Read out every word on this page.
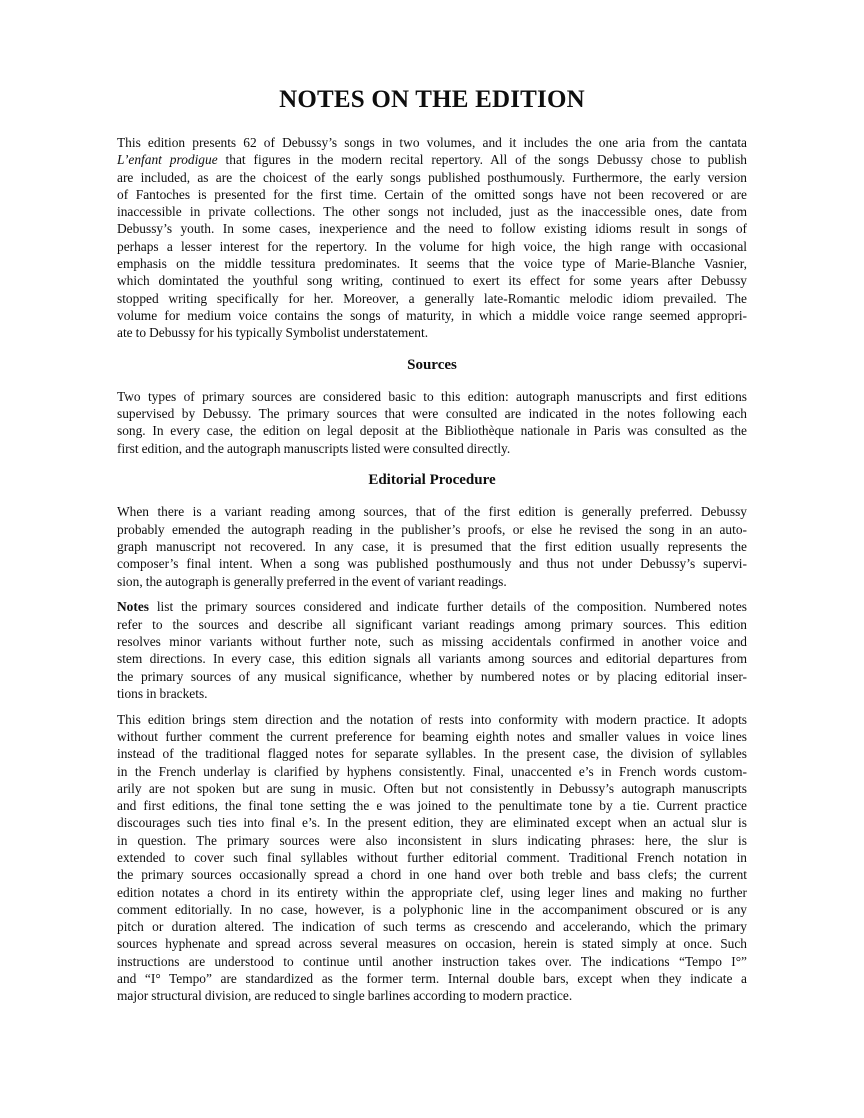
NOTES ON THE EDITION
This edition presents 62 of Debussy’s songs in two volumes, and it includes the one aria from the cantata
L’enfant prodigue that figures in the modern recital repertory. All of the songs Debussy chose to publish
are included, as are the choicest of the early songs published posthumously. Furthermore, the early version
of Fantoches is presented for the first time. Certain of the omitted songs have not been recovered or are
inaccessible in private collections. The other songs not included, just as the inaccessible ones, date from
Debussy’s youth. In some cases, inexperience and the need to follow existing idioms result in songs of
perhaps a lesser interest for the repertory. In the volume for high voice, the high range with occasional
emphasis on the middle tessitura predominates. It seems that the voice type of Marie-Blanche Vasnier,
which domintated the youthful song writing, continued to exert its effect for some years after Debussy
stopped writing specifically for her. Moreover, a generally late-Romantic melodic idiom prevailed. The
volume for medium voice contains the songs of maturity, in which a middle voice range seemed appropri-
ate to Debussy for his typically Symbolist understatement.
Sources
Two types of primary sources are considered basic to this edition: autograph manuscripts and first editions
supervised by Debussy. The primary sources that were consulted are indicated in the notes following each
song. In every case, the edition on legal deposit at the Bibliothèque nationale in Paris was consulted as the
first edition, and the autograph manuscripts listed were consulted directly.
Editorial Procedure
When there is a variant reading among sources, that of the first edition is generally preferred. Debussy
probably emended the autograph reading in the publisher’s proofs, or else he revised the song in an auto-
graph manuscript not recovered. In any case, it is presumed that the first edition usually represents the
composer’s final intent. When a song was published posthumously and thus not under Debussy’s supervi-
sion, the autograph is generally preferred in the event of variant readings.
Notes list the primary sources considered and indicate further details of the composition. Numbered notes
refer to the sources and describe all significant variant readings among primary sources. This edition
resolves minor variants without further note, such as missing accidentals confirmed in another voice and
stem directions. In every case, this edition signals all variants among sources and editorial departures from
the primary sources of any musical significance, whether by numbered notes or by placing editorial inser-
tions in brackets.
This edition brings stem direction and the notation of rests into conformity with modern practice. It adopts
without further comment the current preference for beaming eighth notes and smaller values in voice lines
instead of the traditional flagged notes for separate syllables. In the present case, the division of syllables
in the French underlay is clarified by hyphens consistently. Final, unaccented e’s in French words custom-
arily are not spoken but are sung in music. Often but not consistently in Debussy’s autograph manuscripts
and first editions, the final tone setting the e was joined to the penultimate tone by a tie. Current practice
discourages such ties into final e’s. In the present edition, they are eliminated except when an actual slur is
in question. The primary sources were also inconsistent in slurs indicating phrases: here, the slur is
extended to cover such final syllables without further editorial comment. Traditional French notation in
the primary sources occasionally spread a chord in one hand over both treble and bass clefs; the current
edition notates a chord in its entirety within the appropriate clef, using leger lines and making no further
comment editorially. In no case, however, is a polyphonic line in the accompaniment obscured or is any
pitch or duration altered. The indication of such terms as crescendo and accelerando, which the primary
sources hyphenate and spread across several measures on occasion, herein is stated simply at once. Such
instructions are understood to continue until another instruction takes over. The indications “Tempo I°”
and “I° Tempo” are standardized as the former term. Internal double bars, except when they indicate a
major structural division, are reduced to single barlines according to modern practice.
